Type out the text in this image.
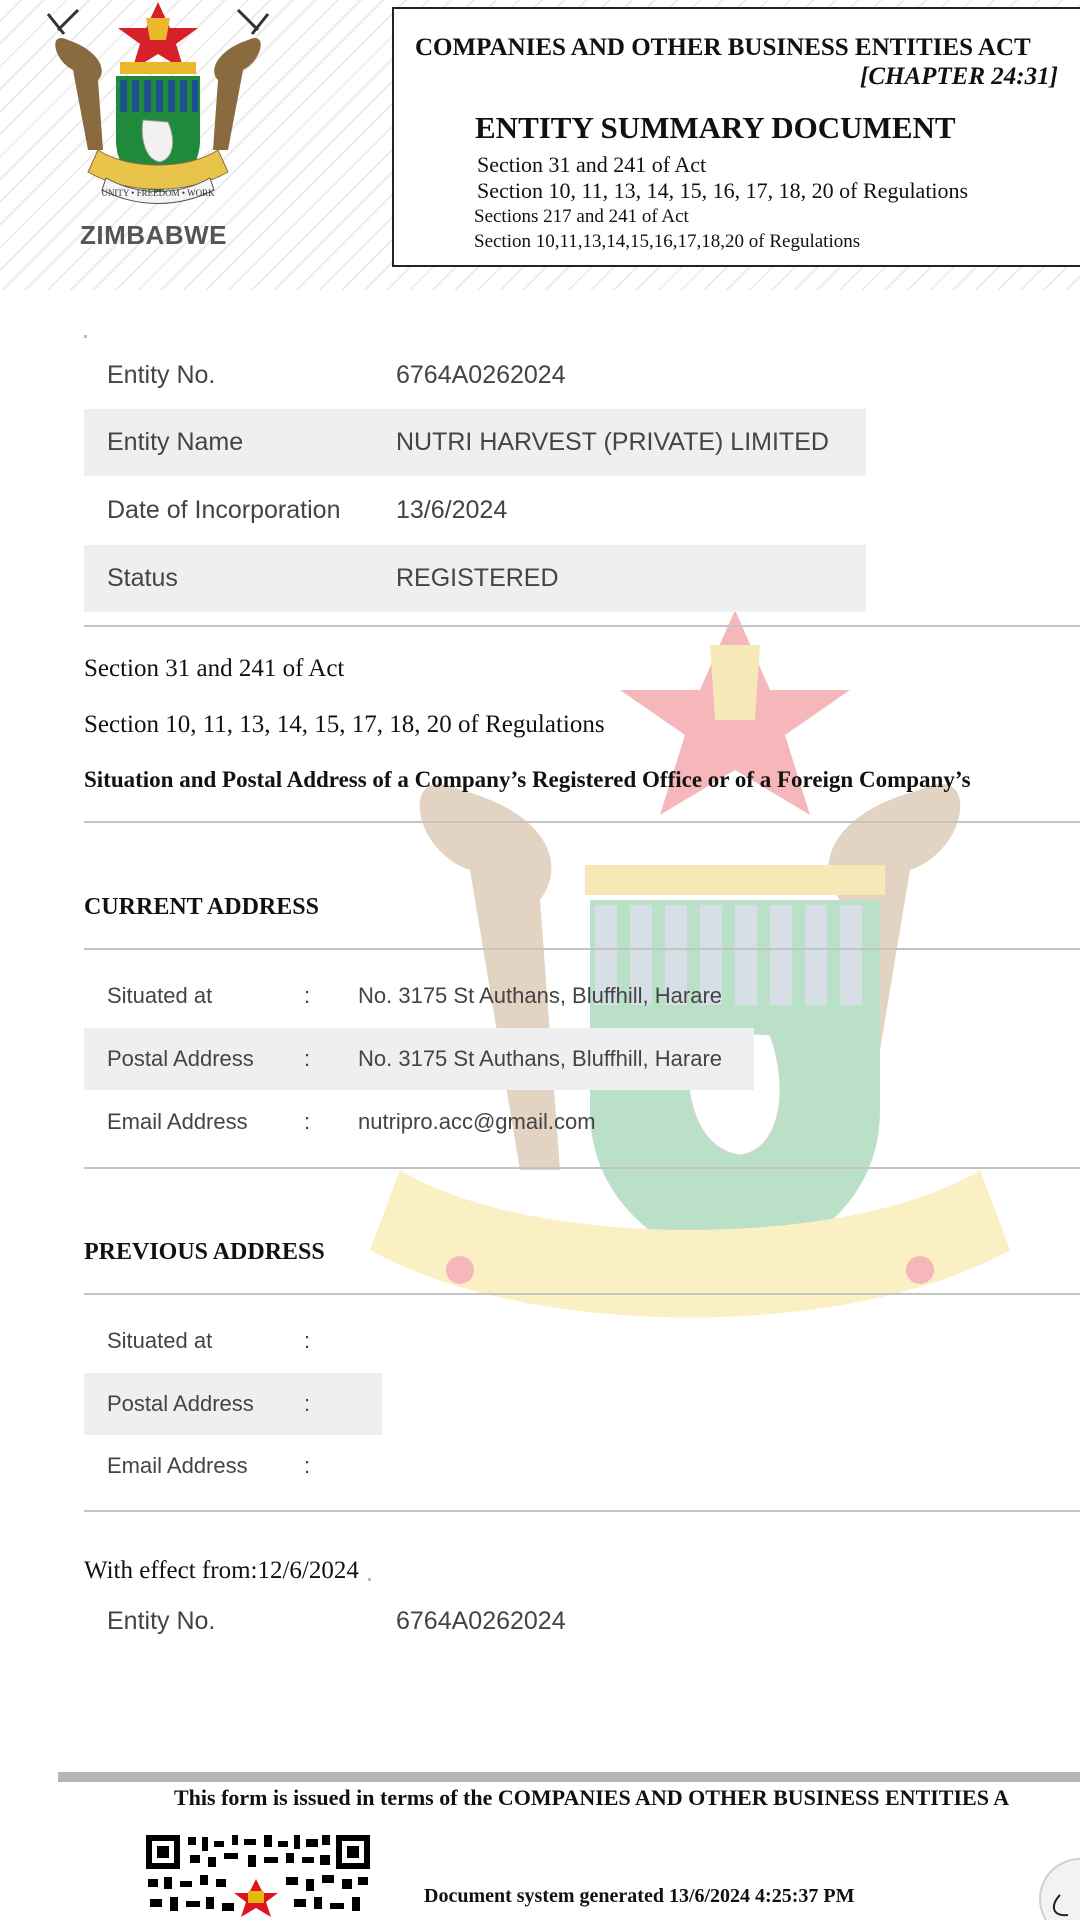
UNITY • FREEDOM • WORK
ZIMBABWE
COMPANIES AND OTHER BUSINESS ENTITIES ACT
[CHAPTER 24:31]
ENTITY SUMMARY DOCUMENT
Section 31 and 241 of Act
Section 10, 11, 13, 14, 15, 16, 17, 18, 20 of Regulations
Sections 217 and 241 of Act
Section 10,11,13,14,15,16,17,18,20 of Regulations
Entity No.	6764A0262024
Entity Name	NUTRI HARVEST (PRIVATE) LIMITED
Date of Incorporation 13/6/2024
Status	REGISTERED
Section 31 and 241 of Act
Section 10, 11, 13, 14, 15, 17, 18, 20 of Regulations
Situation and Postal Address of a Company’s Registered Office or of a Foreign Company’s
CURRENT ADDRESS
Situated at	: No. 3175 St Authans, Bluffhill, Harare
Postal Address : No. 3175 St Authans, Bluffhill, Harare
Email Address	: nutripro.acc@gmail.com
PREVIOUS ADDRESS
Situated at	:
Postal Address :
Email Address	:
With effect from:12/6/2024
Entity No.	6764A0262024
This form is issued in terms of the COMPANIES AND OTHER BUSINESS ENTITIES A
Document system generated 13/6/2024 4:25:37 PM
